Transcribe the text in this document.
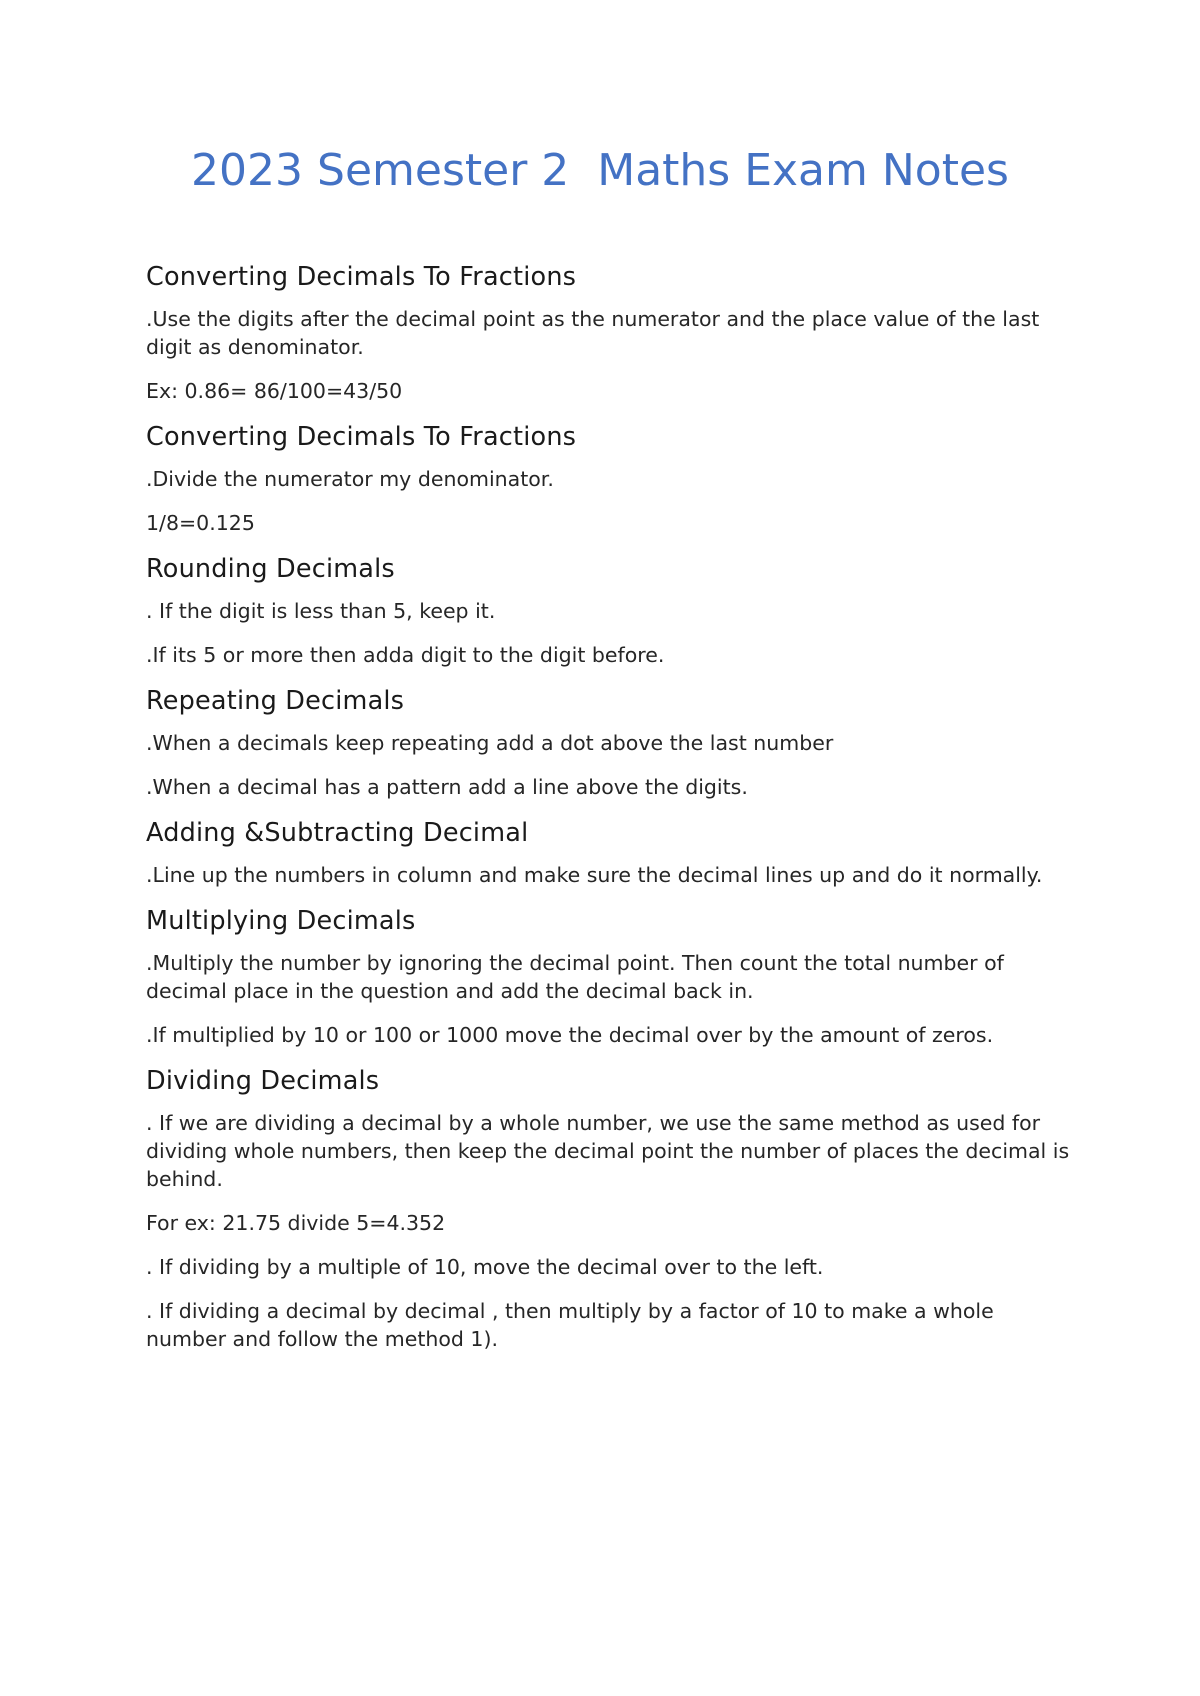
2023 Semester 2  Maths Exam Notes
Converting Decimals To Fractions

.Use the digits after the decimal point as the numerator and the place value of the last digit as denominator.

Ex: 0.86= 86/100=43/50

Converting Decimals To Fractions

.Divide the numerator my denominator.

1/8=0.125

Rounding Decimals

. If the digit is less than 5, keep it.

.If its 5 or more then adda digit to the digit before.

Repeating Decimals

.When a decimals keep repeating add a dot above the last number

.When a decimal has a pattern add a line above the digits.

Adding &Subtracting Decimal

.Line up the numbers in column and make sure the decimal lines up and do it normally.

Multiplying Decimals

.Multiply the number by ignoring the decimal point. Then count the total number of decimal place in the question and add the decimal back in.

.If multiplied by 10 or 100 or 1000 move the decimal over by the amount of zeros.

Dividing Decimals

. If we are dividing a decimal by a whole number, we use the same method as used for dividing whole numbers, then keep the decimal point the number of places the decimal is behind.

For ex: 21.75 divide 5=4.352

. If dividing by a multiple of 10, move the decimal over to the left.

. If dividing a decimal by decimal , then multiply by a factor of 10 to make a whole number and follow the method 1).
